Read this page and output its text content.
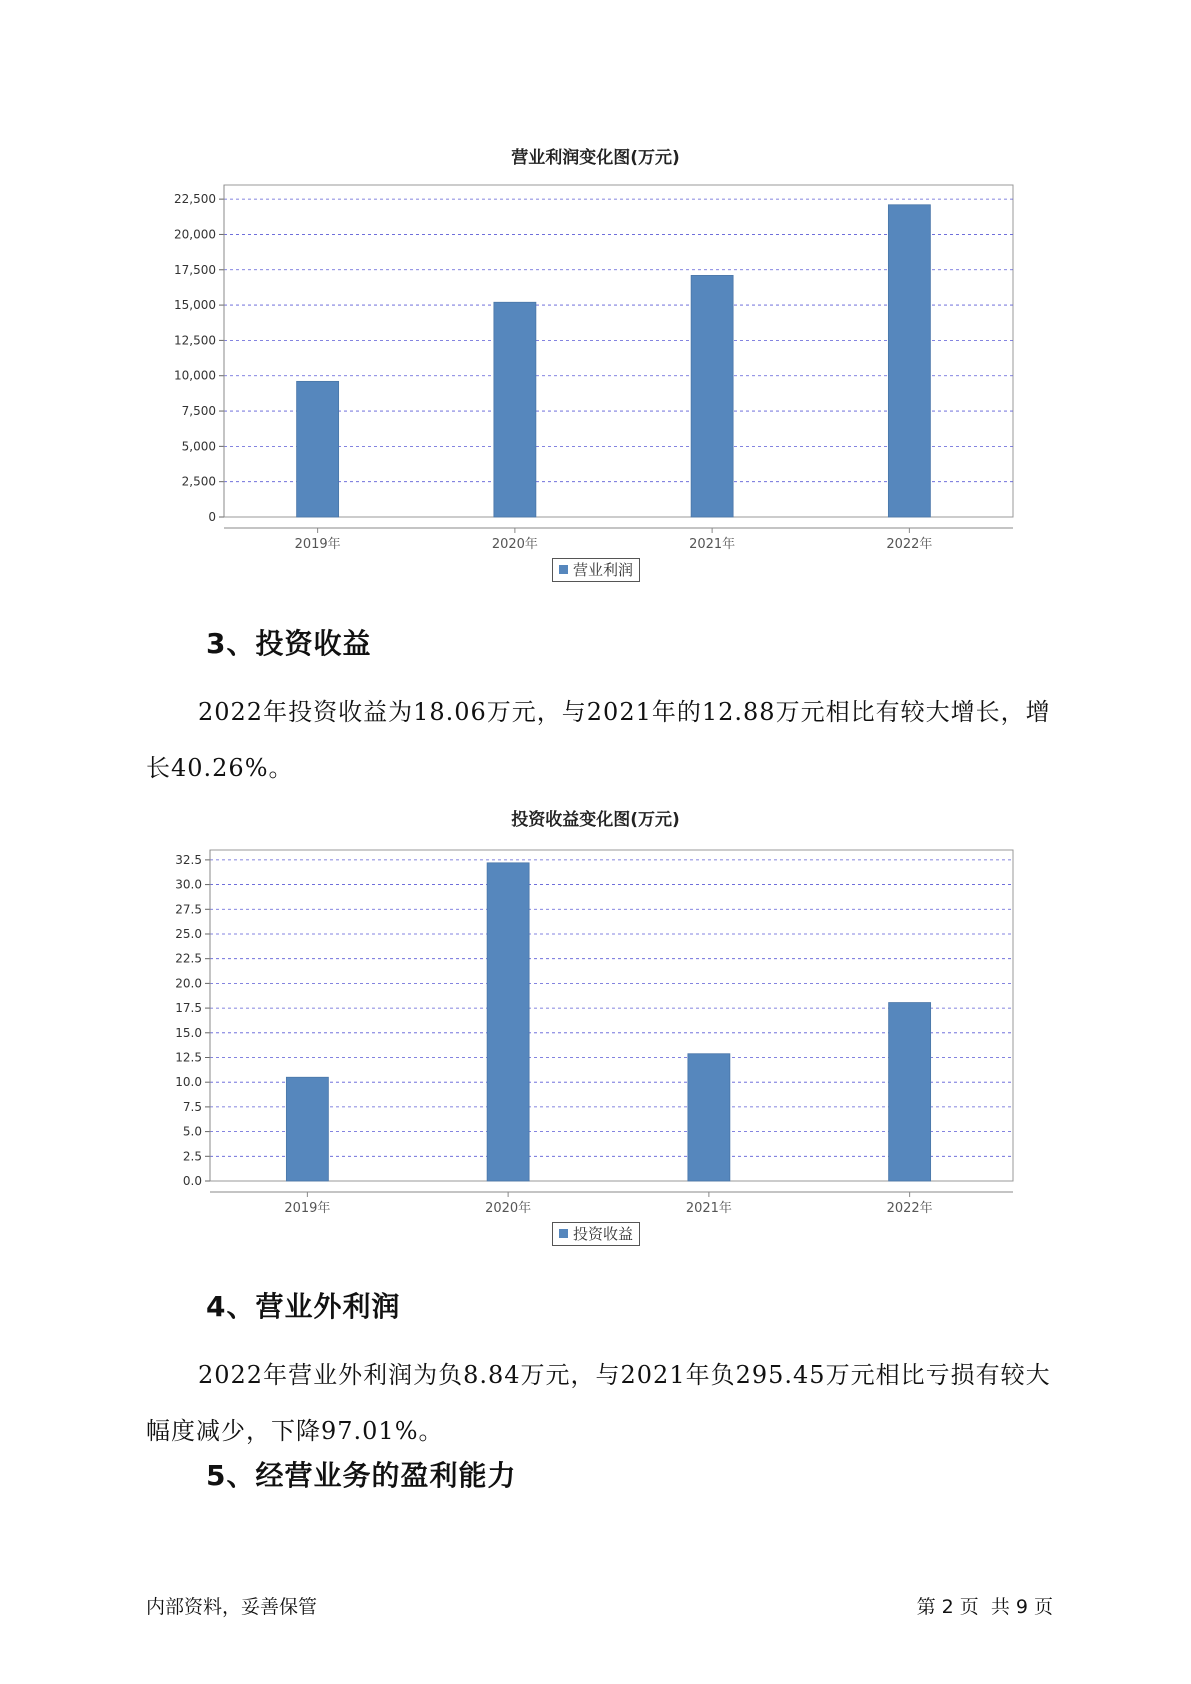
营业利润变化图(万元)
0
2,500
5,000
7,500
10,000
12,500
15,000
17,500
20,000
22,500
2019年	2020年	2021年	2022年
营业利润
3、投资收益

2022年投资收益为18.06万元，与2021年的12.88万元相比有较大增长，增长40.26%。

投资收益变化图(万元)
0.0
2.5
5.0
7.5
10.0
12.5
15.0
17.5
20.0
22.5
25.0
27.5
30.0
32.5
2019年	2020年	2021年	2022年
投资收益
4、营业外利润

2022年营业外利润为负8.84万元，与2021年负295.45万元相比亏损有较大幅度减少，下降97.01%。

5、经营业务的盈利能力
内部资料，妥善保管	第 2 页  共 9 页
